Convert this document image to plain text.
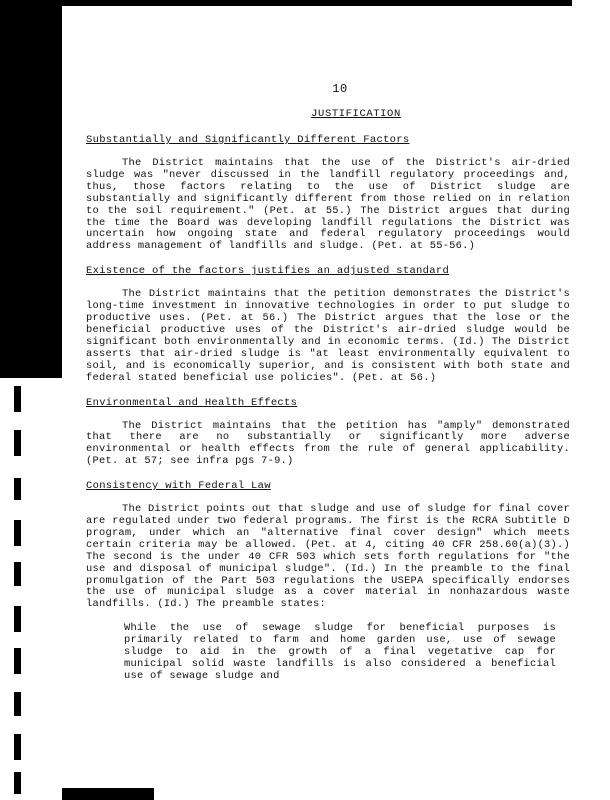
10
JUSTIFICATION
Substantially and Significantly Different Factors

The District maintains that the use of the District's air-dried sludge was "never discussed in the landfill regulatory proceedings and, thus, those factors relating to the use of District sludge are substantially and significantly different from those relied on in relation to the soil requirement." (Pet. at 55.) The District argues that during the time the Board was developing landfill regulations the District was uncertain how ongoing state and federal regulatory proceedings would address management of landfills and sludge. (Pet. at 55-56.)

Existence of the factors justifies an adjusted standard

The District maintains that the petition demonstrates the District's long-time investment in innovative technologies in order to put sludge to productive uses. (Pet. at 56.) The District argues that the lose or the beneficial productive uses of the District's air-dried sludge would be significant both environmentally and in economic terms. (Id.) The District asserts that air-dried sludge is "at least environmentally equivalent to soil, and is economically superior, and is consistent with both state and federal stated beneficial use policies". (Pet. at 56.)

Environmental and Health Effects

The District maintains that the petition has "amply" demonstrated that there are no substantially or significantly more adverse environmental or health effects from the rule of general applicability. (Pet. at 57; see infra pgs 7-9.)

Consistency with Federal Law

The District points out that sludge and use of sludge for final cover are regulated under two federal programs. The first is the RCRA Subtitle D program, under which an "alternative final cover design" which meets certain criteria may be allowed. (Pet. at 4, citing 40 CFR 258.60(a)(3).) The second is the under 40 CFR 503 which sets forth regulations for "the use and disposal of municipal sludge". (Id.) In the preamble to the final promulgation of the Part 503 regulations the USEPA specifically endorses the use of municipal sludge as a cover material in nonhazardous waste landfills. (Id.) The preamble states:

While the use of sewage sludge for beneficial purposes is primarily related to farm and home garden use, use of sewage sludge to aid in the growth of a final vegetative cap for municipal solid waste landfills is also considered a beneficial use of sewage sludge and
